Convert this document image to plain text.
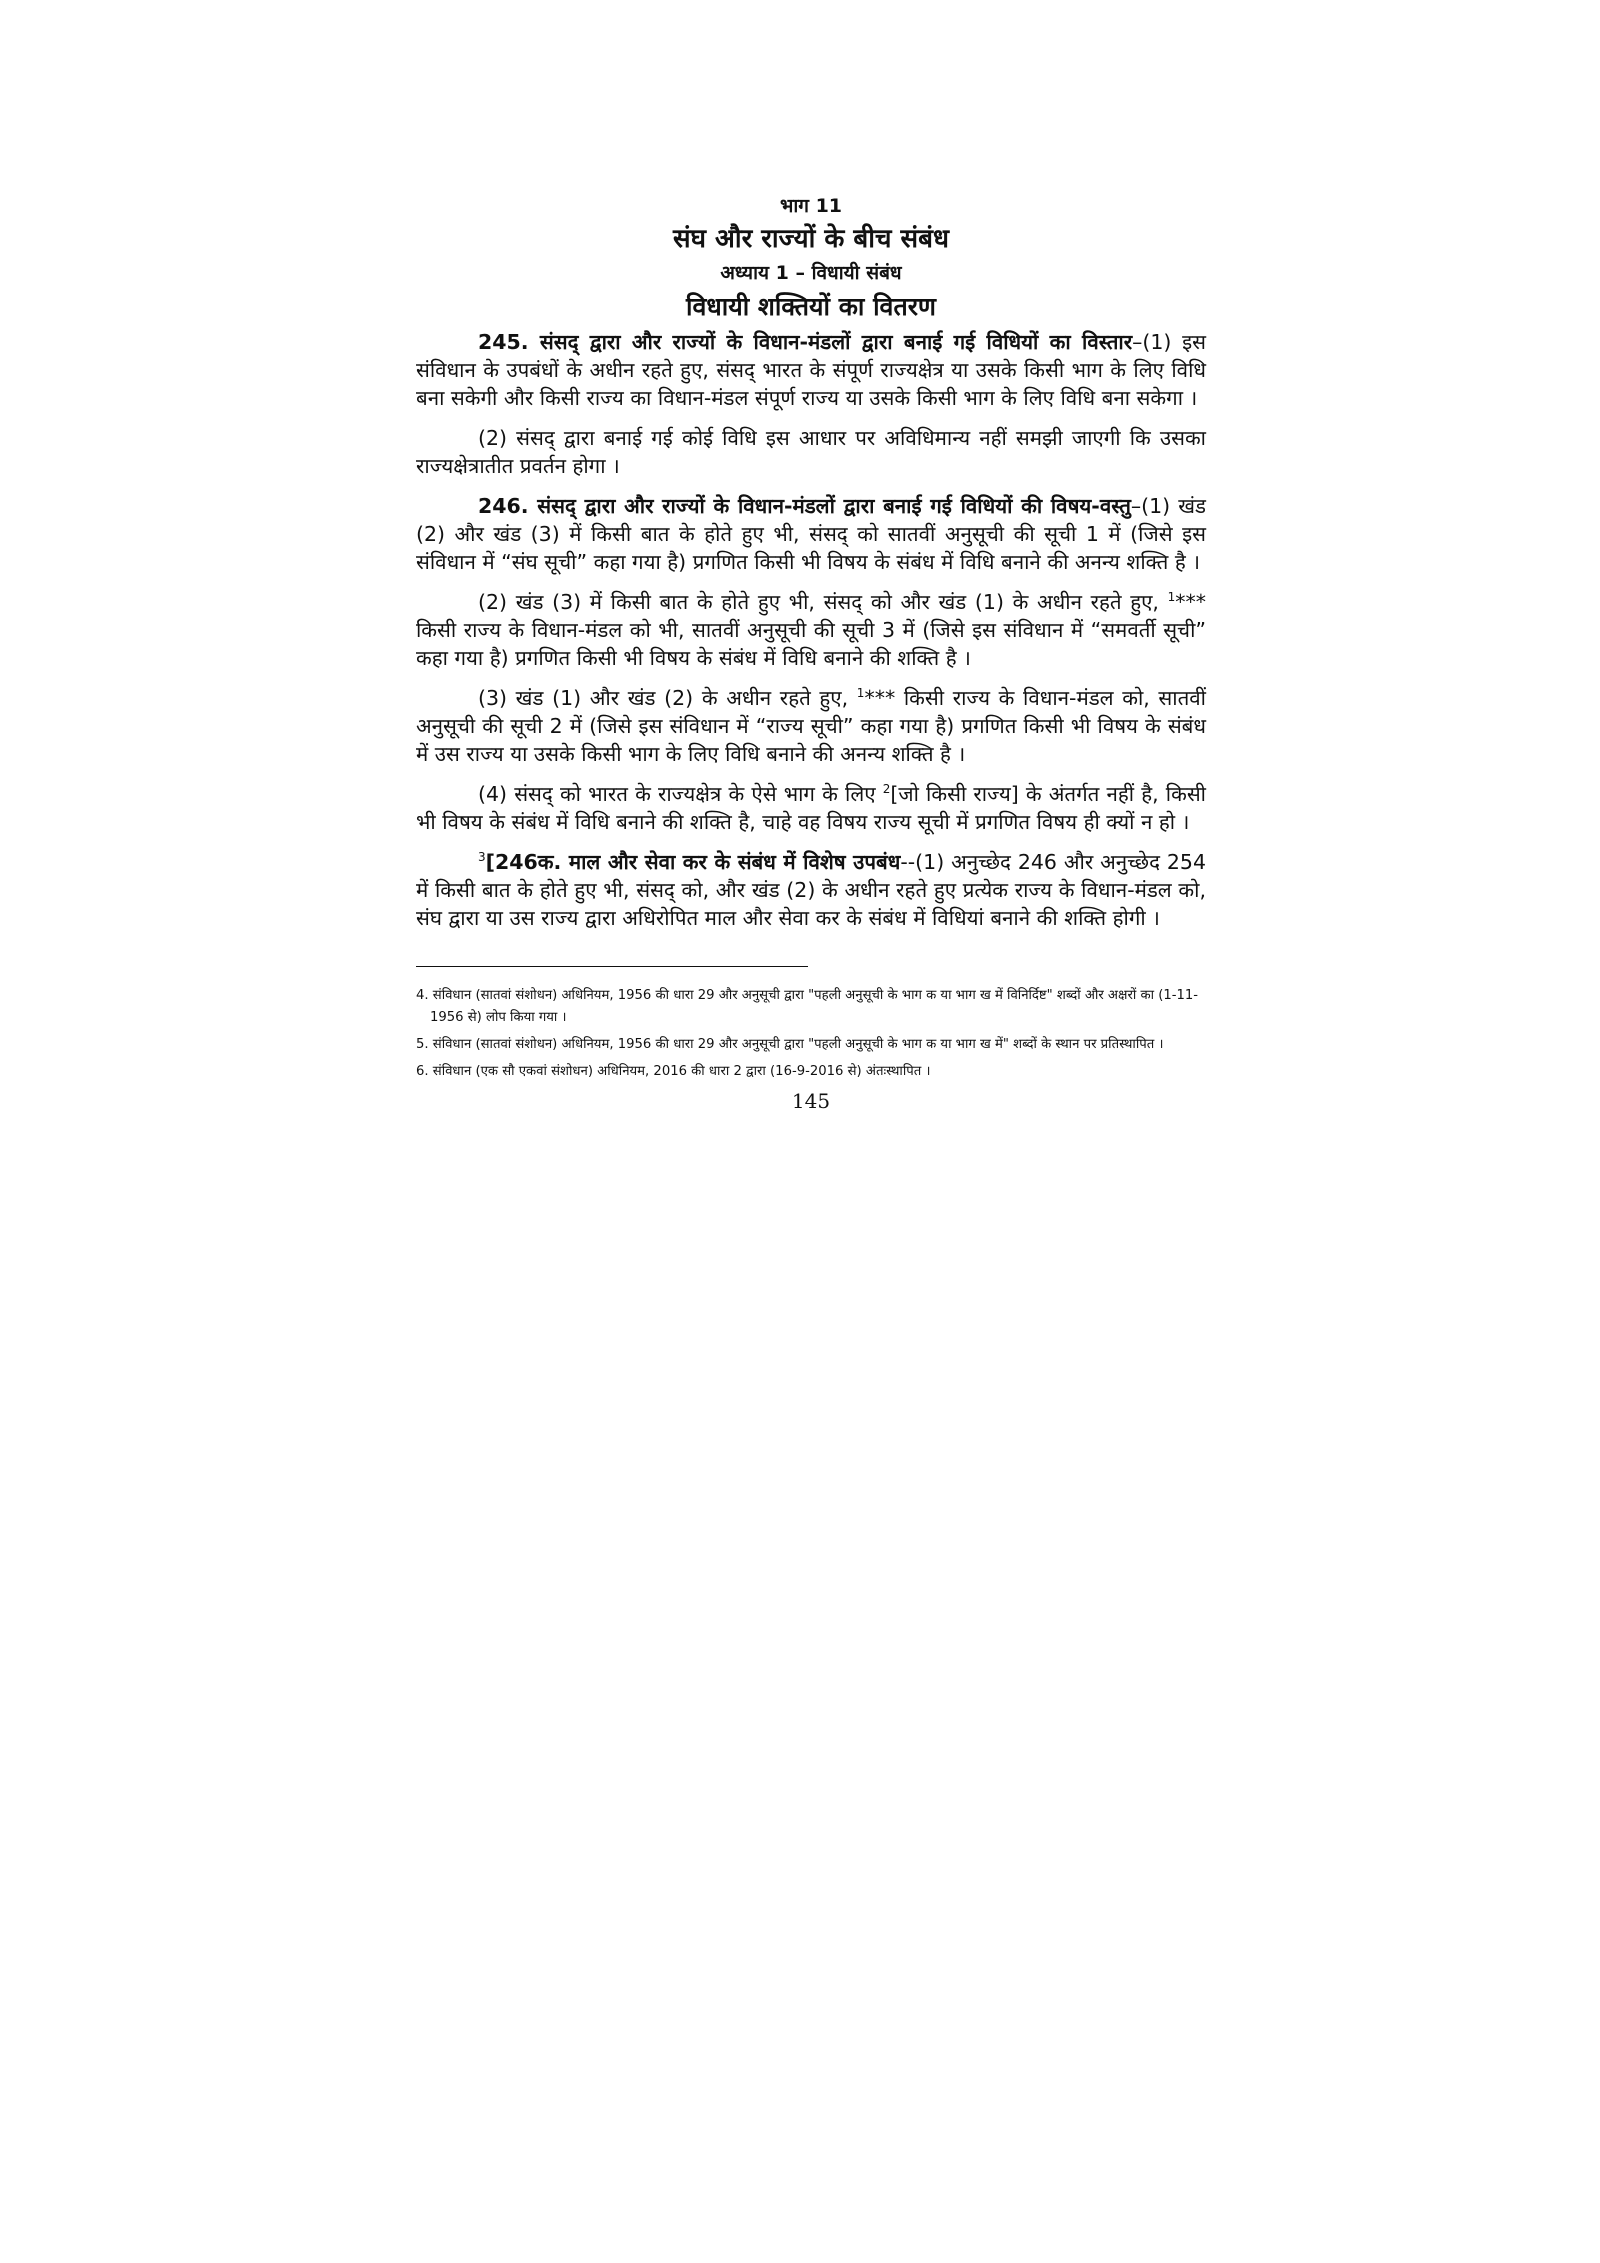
भाग 11
संघ और राज्यों के बीच संबंध
अध्याय 1 – विधायी संबंध
विधायी शक्तियों का वितरण

245. संसद् द्वारा और राज्यों के विधान-मंडलों द्वारा बनाई गई विधियों का विस्तार–(1) इस संविधान के उपबंधों के अधीन रहते हुए, संसद् भारत के संपूर्ण राज्यक्षेत्र या उसके किसी भाग के लिए विधि बना सकेगी और किसी राज्य का विधान-मंडल संपूर्ण राज्य या उसके किसी भाग के लिए विधि बना सकेगा ।

(2) संसद् द्वारा बनाई गई कोई विधि इस आधार पर अविधिमान्य नहीं समझी जाएगी कि उसका राज्यक्षेत्रातीत प्रवर्तन होगा ।

246. संसद् द्वारा और राज्यों के विधान-मंडलों द्वारा बनाई गई विधियों की विषय-वस्तु–(1) खंड (2) और खंड (3) में किसी बात के होते हुए भी, संसद् को सातवीं अनुसूची की सूची 1 में (जिसे इस संविधान में “संघ सूची” कहा गया है) प्रगणित किसी भी विषय के संबंध में विधि बनाने की अनन्य शक्ति है ।

(2) खंड (3) में किसी बात के होते हुए भी, संसद् को और खंड (1) के अधीन रहते हुए, $^1$*** किसी राज्य के विधान-मंडल को भी, सातवीं अनुसूची की सूची 3 में (जिसे इस संविधान में “समवर्ती सूची” कहा गया है) प्रगणित किसी भी विषय के संबंध में विधि बनाने की शक्ति है ।

(3) खंड (1) और खंड (2) के अधीन रहते हुए, $^1$*** किसी राज्य के विधान-मंडल को, सातवीं अनुसूची की सूची 2 में (जिसे इस संविधान में “राज्य सूची” कहा गया है) प्रगणित किसी भी विषय के संबंध में उस राज्य या उसके किसी भाग के लिए विधि बनाने की अनन्य शक्ति है ।

(4) संसद् को भारत के राज्यक्षेत्र के ऐसे भाग के लिए $^2$[जो किसी राज्य] के अंतर्गत नहीं है, किसी भी विषय के संबंध में विधि बनाने की शक्ति है, चाहे वह विषय राज्य सूची में प्रगणित विषय ही क्यों न हो ।

$^3$[246क. माल और सेवा कर के संबंध में विशेष उपबंध--(1) अनुच्छेद 246 और अनुच्छेद 254 में किसी बात के होते हुए भी, संसद् को, और खंड (2) के अधीन रहते हुए प्रत्येक राज्य के विधान-मंडल को, संघ द्वारा या उस राज्य द्वारा अधिरोपित माल और सेवा कर के संबंध में विधियां बनाने की शक्ति होगी ।

4. संविधान (सातवां संशोधन) अधिनियम, 1956 की धारा 29 और अनुसूची द्वारा "पहली अनुसूची के भाग क या भाग ख में विनिर्दिष्ट" शब्दों और अक्षरों का (1-11-1956 से) लोप किया गया ।

5. संविधान (सातवां संशोधन) अधिनियम, 1956 की धारा 29 और अनुसूची द्वारा "पहली अनुसूची के भाग क या भाग ख में" शब्दों के स्थान पर प्रतिस्थापित ।

6. संविधान (एक सौ एकवां संशोधन) अधिनियम, 2016 की धारा 2 द्वारा (16-9-2016 से) अंतःस्थापित ।

145
